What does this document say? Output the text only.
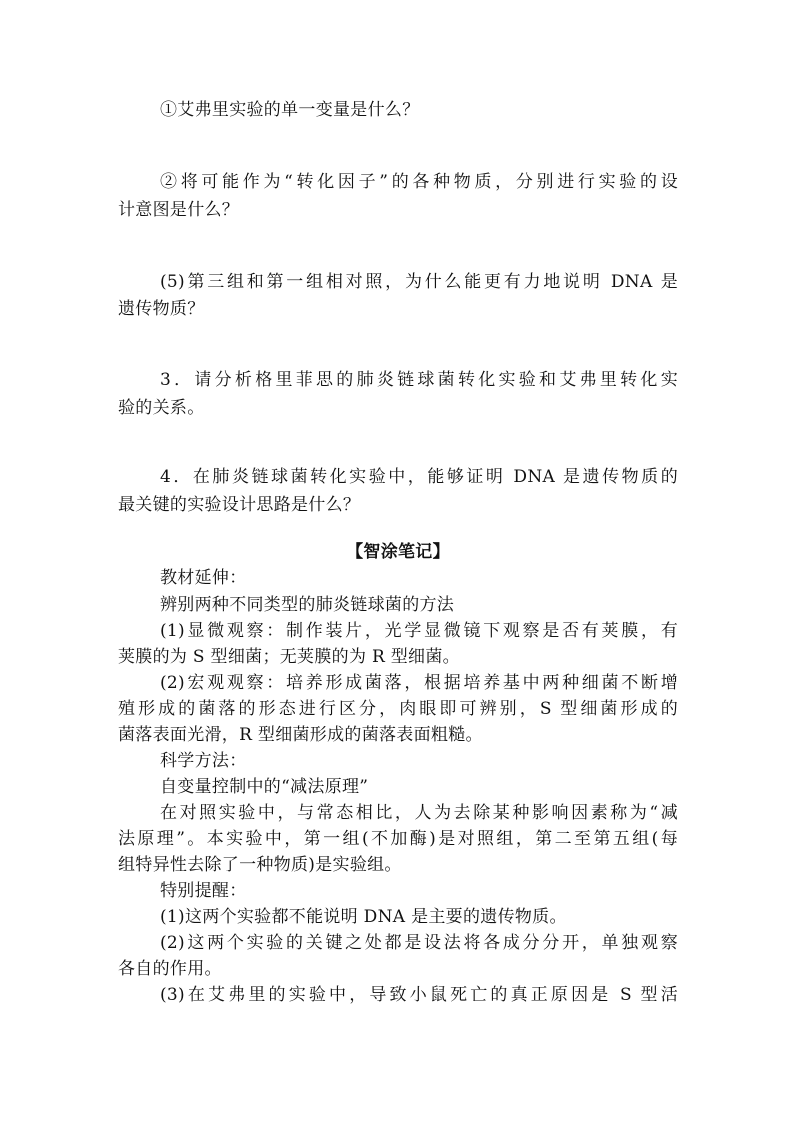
①艾弗里实验的单一变量是什么？
②将可能作为“转化因子”的各种物质，分别进行实验的设
计意图是什么？
(5)第三组和第一组相对照，为什么能更有力地说明 DNA 是
遗传物质？
3．请分析格里菲思的肺炎链球菌转化实验和艾弗里转化实
验的关系。
4．在肺炎链球菌转化实验中，能够证明 DNA 是遗传物质的
最关键的实验设计思路是什么？
【智涂笔记】
教材延伸：
辨别两种不同类型的肺炎链球菌的方法
(1)显微观察：制作装片，光学显微镜下观察是否有荚膜，有
荚膜的为 S 型细菌；无荚膜的为 R 型细菌。
(2)宏观观察：培养形成菌落，根据培养基中两种细菌不断增
殖形成的菌落的形态进行区分，肉眼即可辨别，S 型细菌形成的
菌落表面光滑，R 型细菌形成的菌落表面粗糙。
科学方法：
自变量控制中的“减法原理”
在对照实验中，与常态相比，人为去除某种影响因素称为“减
法原理”。本实验中，第一组(不加酶)是对照组，第二至第五组(每
组特异性去除了一种物质)是实验组。
特别提醒：
(1)这两个实验都不能说明 DNA 是主要的遗传物质。
(2)这两个实验的关键之处都是设法将各成分分开，单独观察
各自的作用。
(3)在艾弗里的实验中，导致小鼠死亡的真正原因是 S 型活
